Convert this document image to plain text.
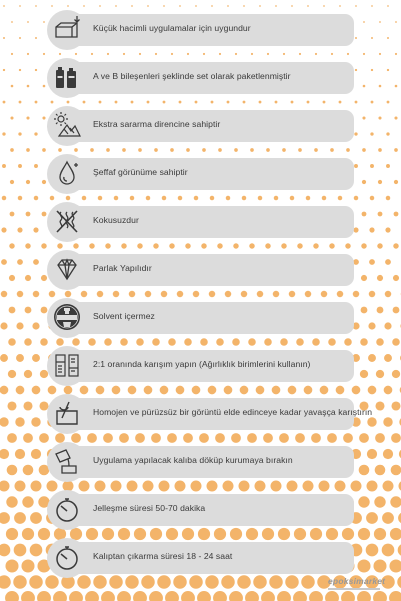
Küçük hacimli uygulamalar için uygundur
A ve B bileşenleri şeklinde set olarak paketlenmiştir
Ekstra sararma direncine sahiptir
Şeffaf görünüme sahiptir
Kokusuzdur
Parlak Yapılıdır
Solvent içermez
2:1 oranında karışım yapın (Ağırlıklık birimlerini kullanın)
Homojen ve pürüzsüz bir görüntü elde edinceye kadar yavaşça karıştırın
Uygulama yapılacak kalıba döküp kurumaya bırakın
Jelleşme süresi 50-70 dakika
Kalıptan çıkarma süresi 18 - 24 saat
epoksimarket
